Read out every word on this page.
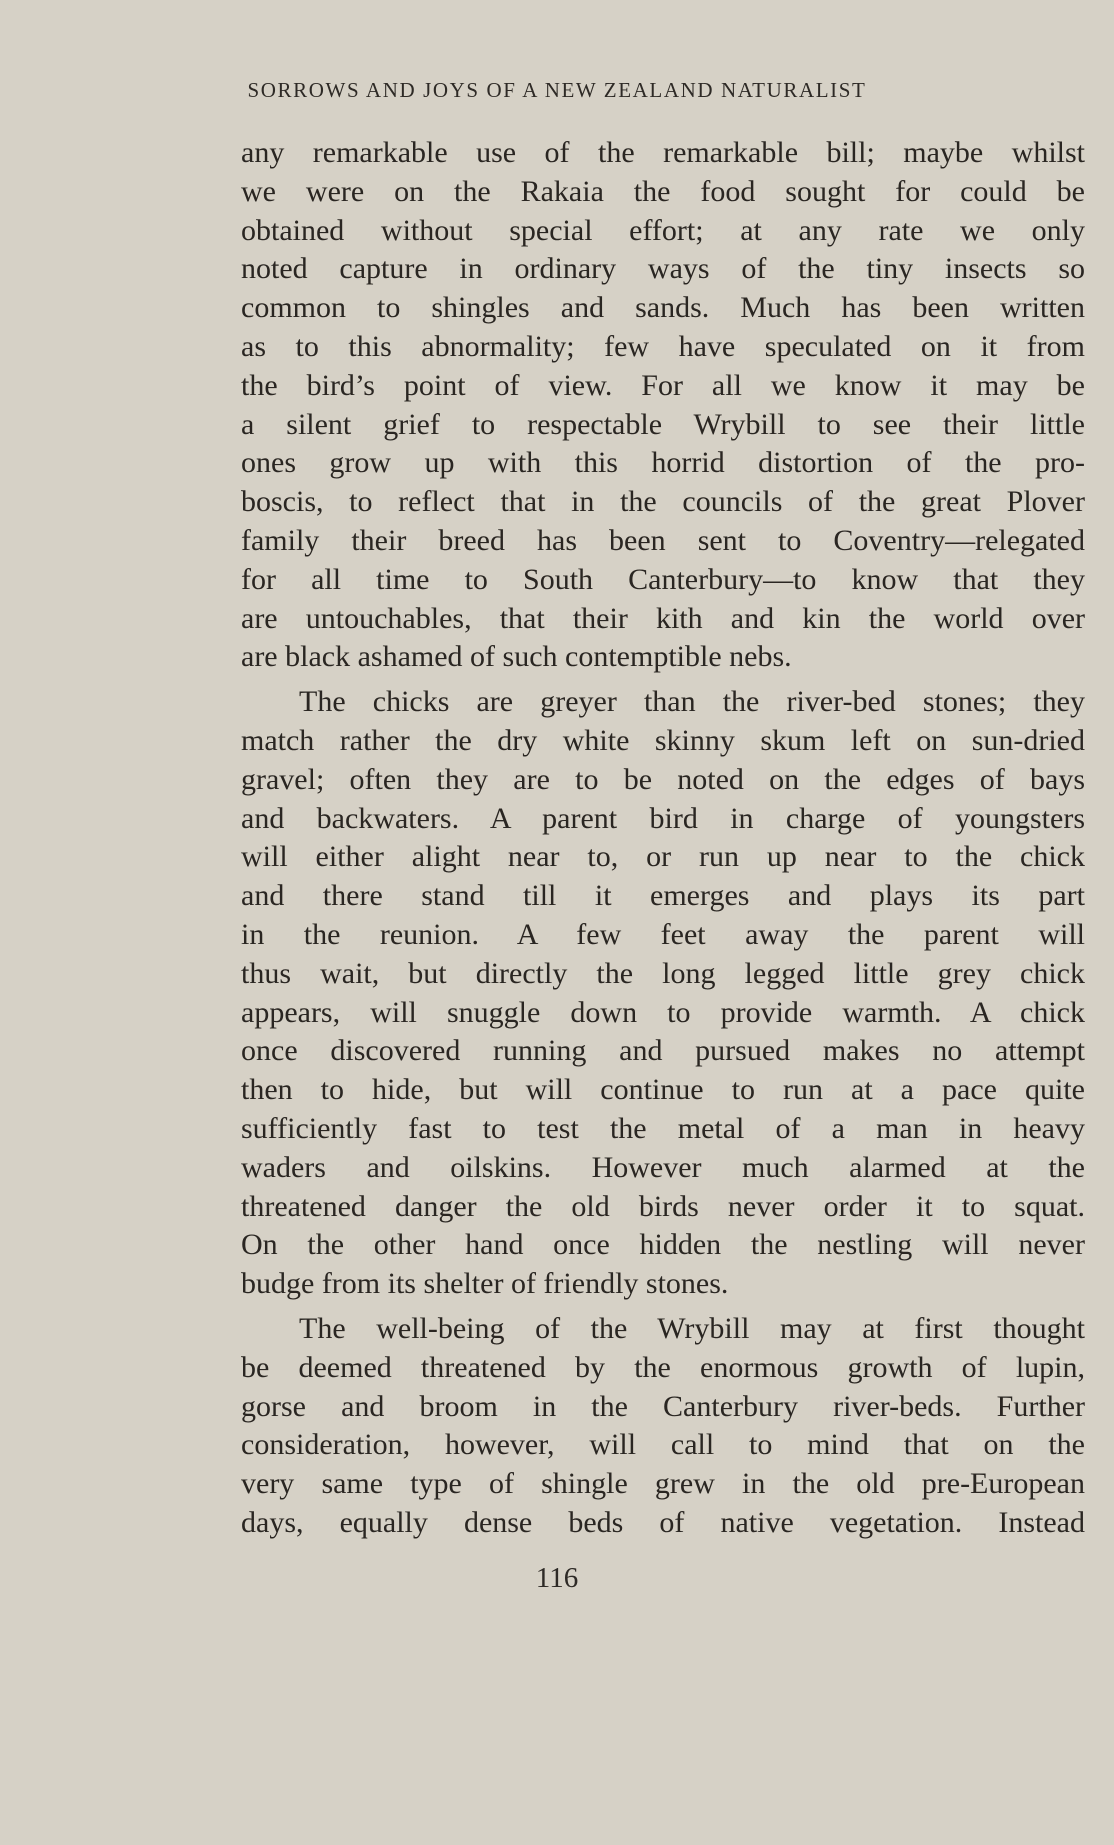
SORROWS AND JOYS OF A NEW ZEALAND NATURALIST
any remarkable use of the remarkable bill; maybe whilst
we were on the Rakaia the food sought for could be
obtained without special effort; at any rate we only
noted capture in ordinary ways of the tiny insects so
common to shingles and sands. Much has been written
as to this abnormality; few have speculated on it from
the bird’s point of view. For all we know it may be
a silent grief to respectable Wrybill to see their little
ones grow up with this horrid distortion of the pro-
boscis, to reflect that in the councils of the great Plover
family their breed has been sent to Coventry—relegated
for all time to South Canterbury—to know that they
are untouchables, that their kith and kin the world over
are black ashamed of such contemptible nebs.
The chicks are greyer than the river-bed stones; they
match rather the dry white skinny skum left on sun-dried
gravel; often they are to be noted on the edges of bays
and backwaters. A parent bird in charge of youngsters
will either alight near to, or run up near to the chick
and there stand till it emerges and plays its part
in the reunion. A few feet away the parent will
thus wait, but directly the long legged little grey chick
appears, will snuggle down to provide warmth. A chick
once discovered running and pursued makes no attempt
then to hide, but will continue to run at a pace quite
sufficiently fast to test the metal of a man in heavy
waders and oilskins. However much alarmed at the
threatened danger the old birds never order it to squat.
On the other hand once hidden the nestling will never
budge from its shelter of friendly stones.
The well-being of the Wrybill may at first thought
be deemed threatened by the enormous growth of lupin,
gorse and broom in the Canterbury river-beds. Further
consideration, however, will call to mind that on the
very same type of shingle grew in the old pre-European
days, equally dense beds of native vegetation. Instead
116
